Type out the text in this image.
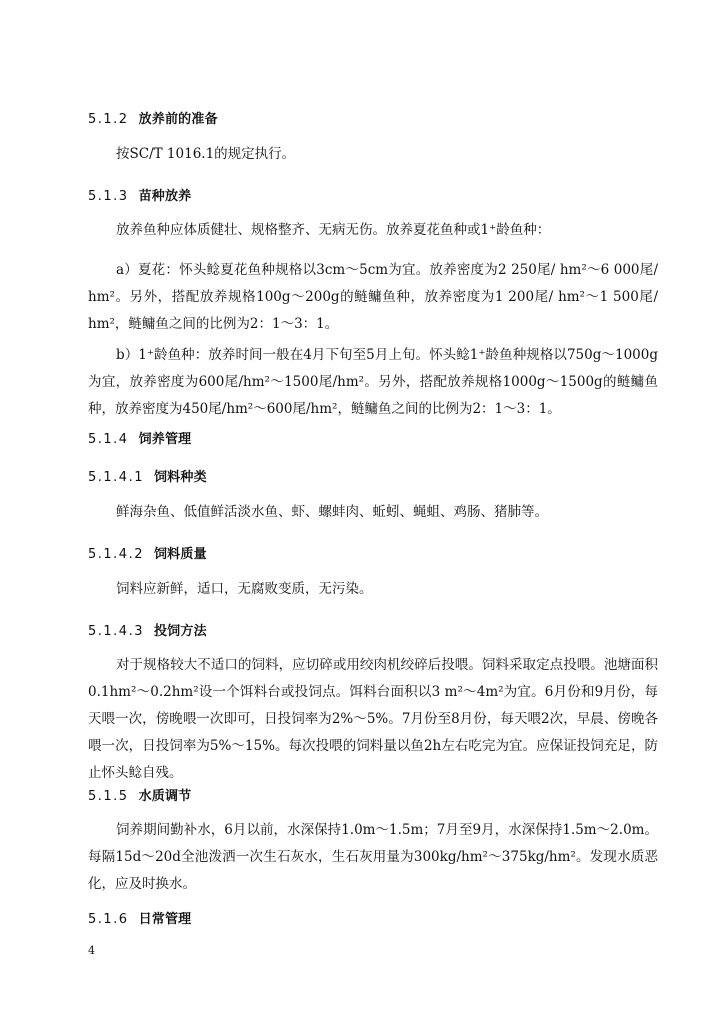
5.1.2 放养前的准备
按SC/T 1016.1的规定执行。
5.1.3 苗种放养
放养鱼种应体质健壮、规格整齐、无病无伤。放养夏花鱼种或1⁺龄鱼种：
a）夏花：怀头鲶夏花鱼种规格以3cm～5cm为宜。放养密度为2 250尾/ hm²～6 000尾/ hm²。另外，搭配放养规格100g～200g的鲢鳙鱼种，放养密度为1 200尾/ hm²～1 500尾/ hm²，鲢鳙鱼之间的比例为2：1～3：1。
b）1⁺龄鱼种：放养时间一般在4月下旬至5月上旬。怀头鲶1⁺龄鱼种规格以750g～1000g为宜，放养密度为600尾/hm²～1500尾/hm²。另外，搭配放养规格1000g～1500g的鲢鳙鱼种，放养密度为450尾/hm²～600尾/hm²，鲢鳙鱼之间的比例为2：1～3：1。
5.1.4 饲养管理
5.1.4.1 饲料种类
鲜海杂鱼、低值鲜活淡水鱼、虾、螺蚌肉、蚯蚓、蝇蛆、鸡肠、猪肺等。
5.1.4.2 饲料质量
饲料应新鲜，适口，无腐败变质，无污染。
5.1.4.3 投饲方法
对于规格较大不适口的饲料，应切碎或用绞肉机绞碎后投喂。饲料采取定点投喂。池塘面积0.1hm²～0.2hm²设一个饵料台或投饲点。饵料台面积以3 m²～4m²为宜。6月份和9月份，每天喂一次，傍晚喂一次即可，日投饲率为2%～5%。7月份至8月份，每天喂2次，早晨、傍晚各喂一次，日投饲率为5%～15%。每次投喂的饲料量以鱼2h左右吃完为宜。应保证投饲充足，防止怀头鲶自残。
5.1.5 水质调节
饲养期间勤补水，6月以前，水深保持1.0m～1.5m；7月至9月，水深保持1.5m～2.0m。每隔15d～20d全池泼洒一次生石灰水，生石灰用量为300kg/hm²～375kg/hm²。发现水质恶化，应及时换水。
5.1.6 日常管理
4
